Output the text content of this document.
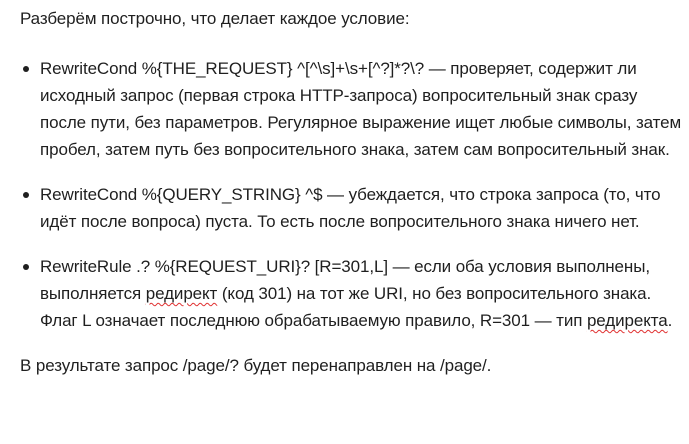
Разберём построчно, что делает каждое условие:

RewriteCond %{THE_REQUEST} ^[^\s]+\s+[^?]*?\? — проверяет, содержит ли исходный запрос (первая строка HTTP-запроса) вопросительный знак сразу после пути, без параметров. Регулярное выражение ищет любые символы, затем пробел, затем путь без вопросительного знака, затем сам вопросительный знак.
RewriteCond %{QUERY_STRING} ^$ — убеждается, что строка запроса (то, что идёт после вопроса) пуста. То есть после вопросительного знака ничего нет.
RewriteRule .? %{REQUEST_URI}? [R=301,L] — если оба условия выполнены, выполняется редирект (код 301) на тот же URI, но без вопросительного знака. Флаг L означает последнюю обрабатываемую правило, R=301 — тип редиректа.

В результате запрос /page/? будет перенаправлен на /page/.
